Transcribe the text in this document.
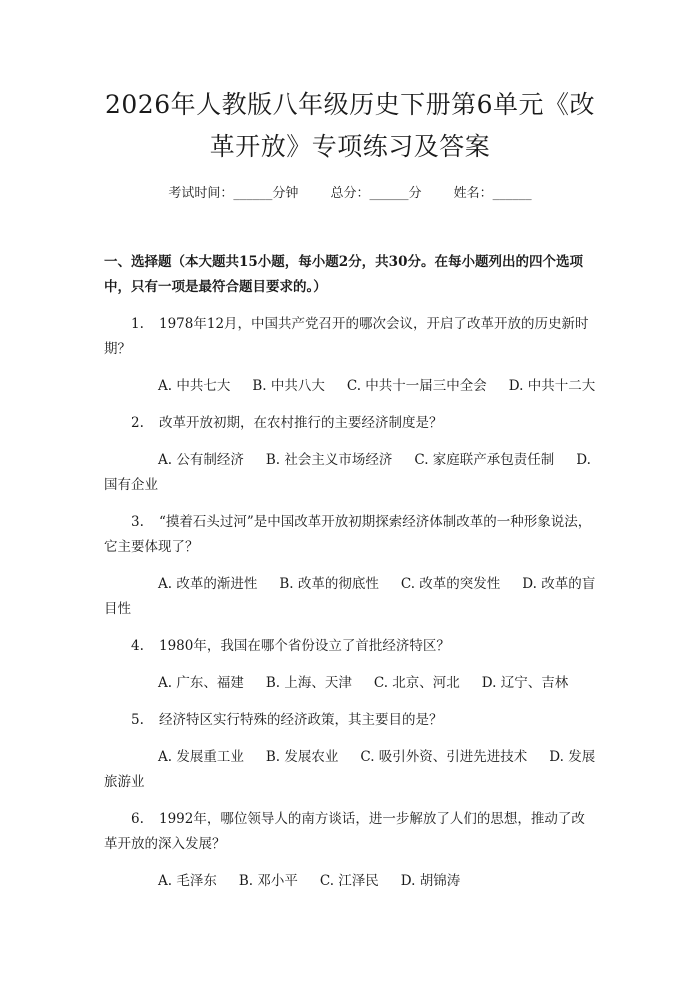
2026年人教版八年级历史下册第6单元《改
革开放》专项练习及答案
考试时间：______分钟 总分：______分 姓名：______
一、选择题（本大题共15小题，每小题2分，共30分。在每小题列出的四个选项中，只有一项是最符合题目要求的。）
1. 1978年12月，中国共产党召开的哪次会议，开启了改革开放的历史新时期？
A. 中共七大 B. 中共八大 C. 中共十一届三中全会 D. 中共十二大
2. 改革开放初期，在农村推行的主要经济制度是？
A. 公有制经济 B. 社会主义市场经济 C. 家庭联产承包责任制 D. 国有企业
3. “摸着石头过河”是中国改革开放初期探索经济体制改革的一种形象说法，它主要体现了？
A. 改革的渐进性 B. 改革的彻底性 C. 改革的突发性 D. 改革的盲目性
4. 1980年，我国在哪个省份设立了首批经济特区？
A. 广东、福建 B. 上海、天津 C. 北京、河北 D. 辽宁、吉林
5. 经济特区实行特殊的经济政策，其主要目的是？
A. 发展重工业 B. 发展农业 C. 吸引外资、引进先进技术 D. 发展旅游业
6. 1992年，哪位领导人的南方谈话，进一步解放了人们的思想，推动了改革开放的深入发展？
A. 毛泽东 B. 邓小平 C. 江泽民 D. 胡锦涛
